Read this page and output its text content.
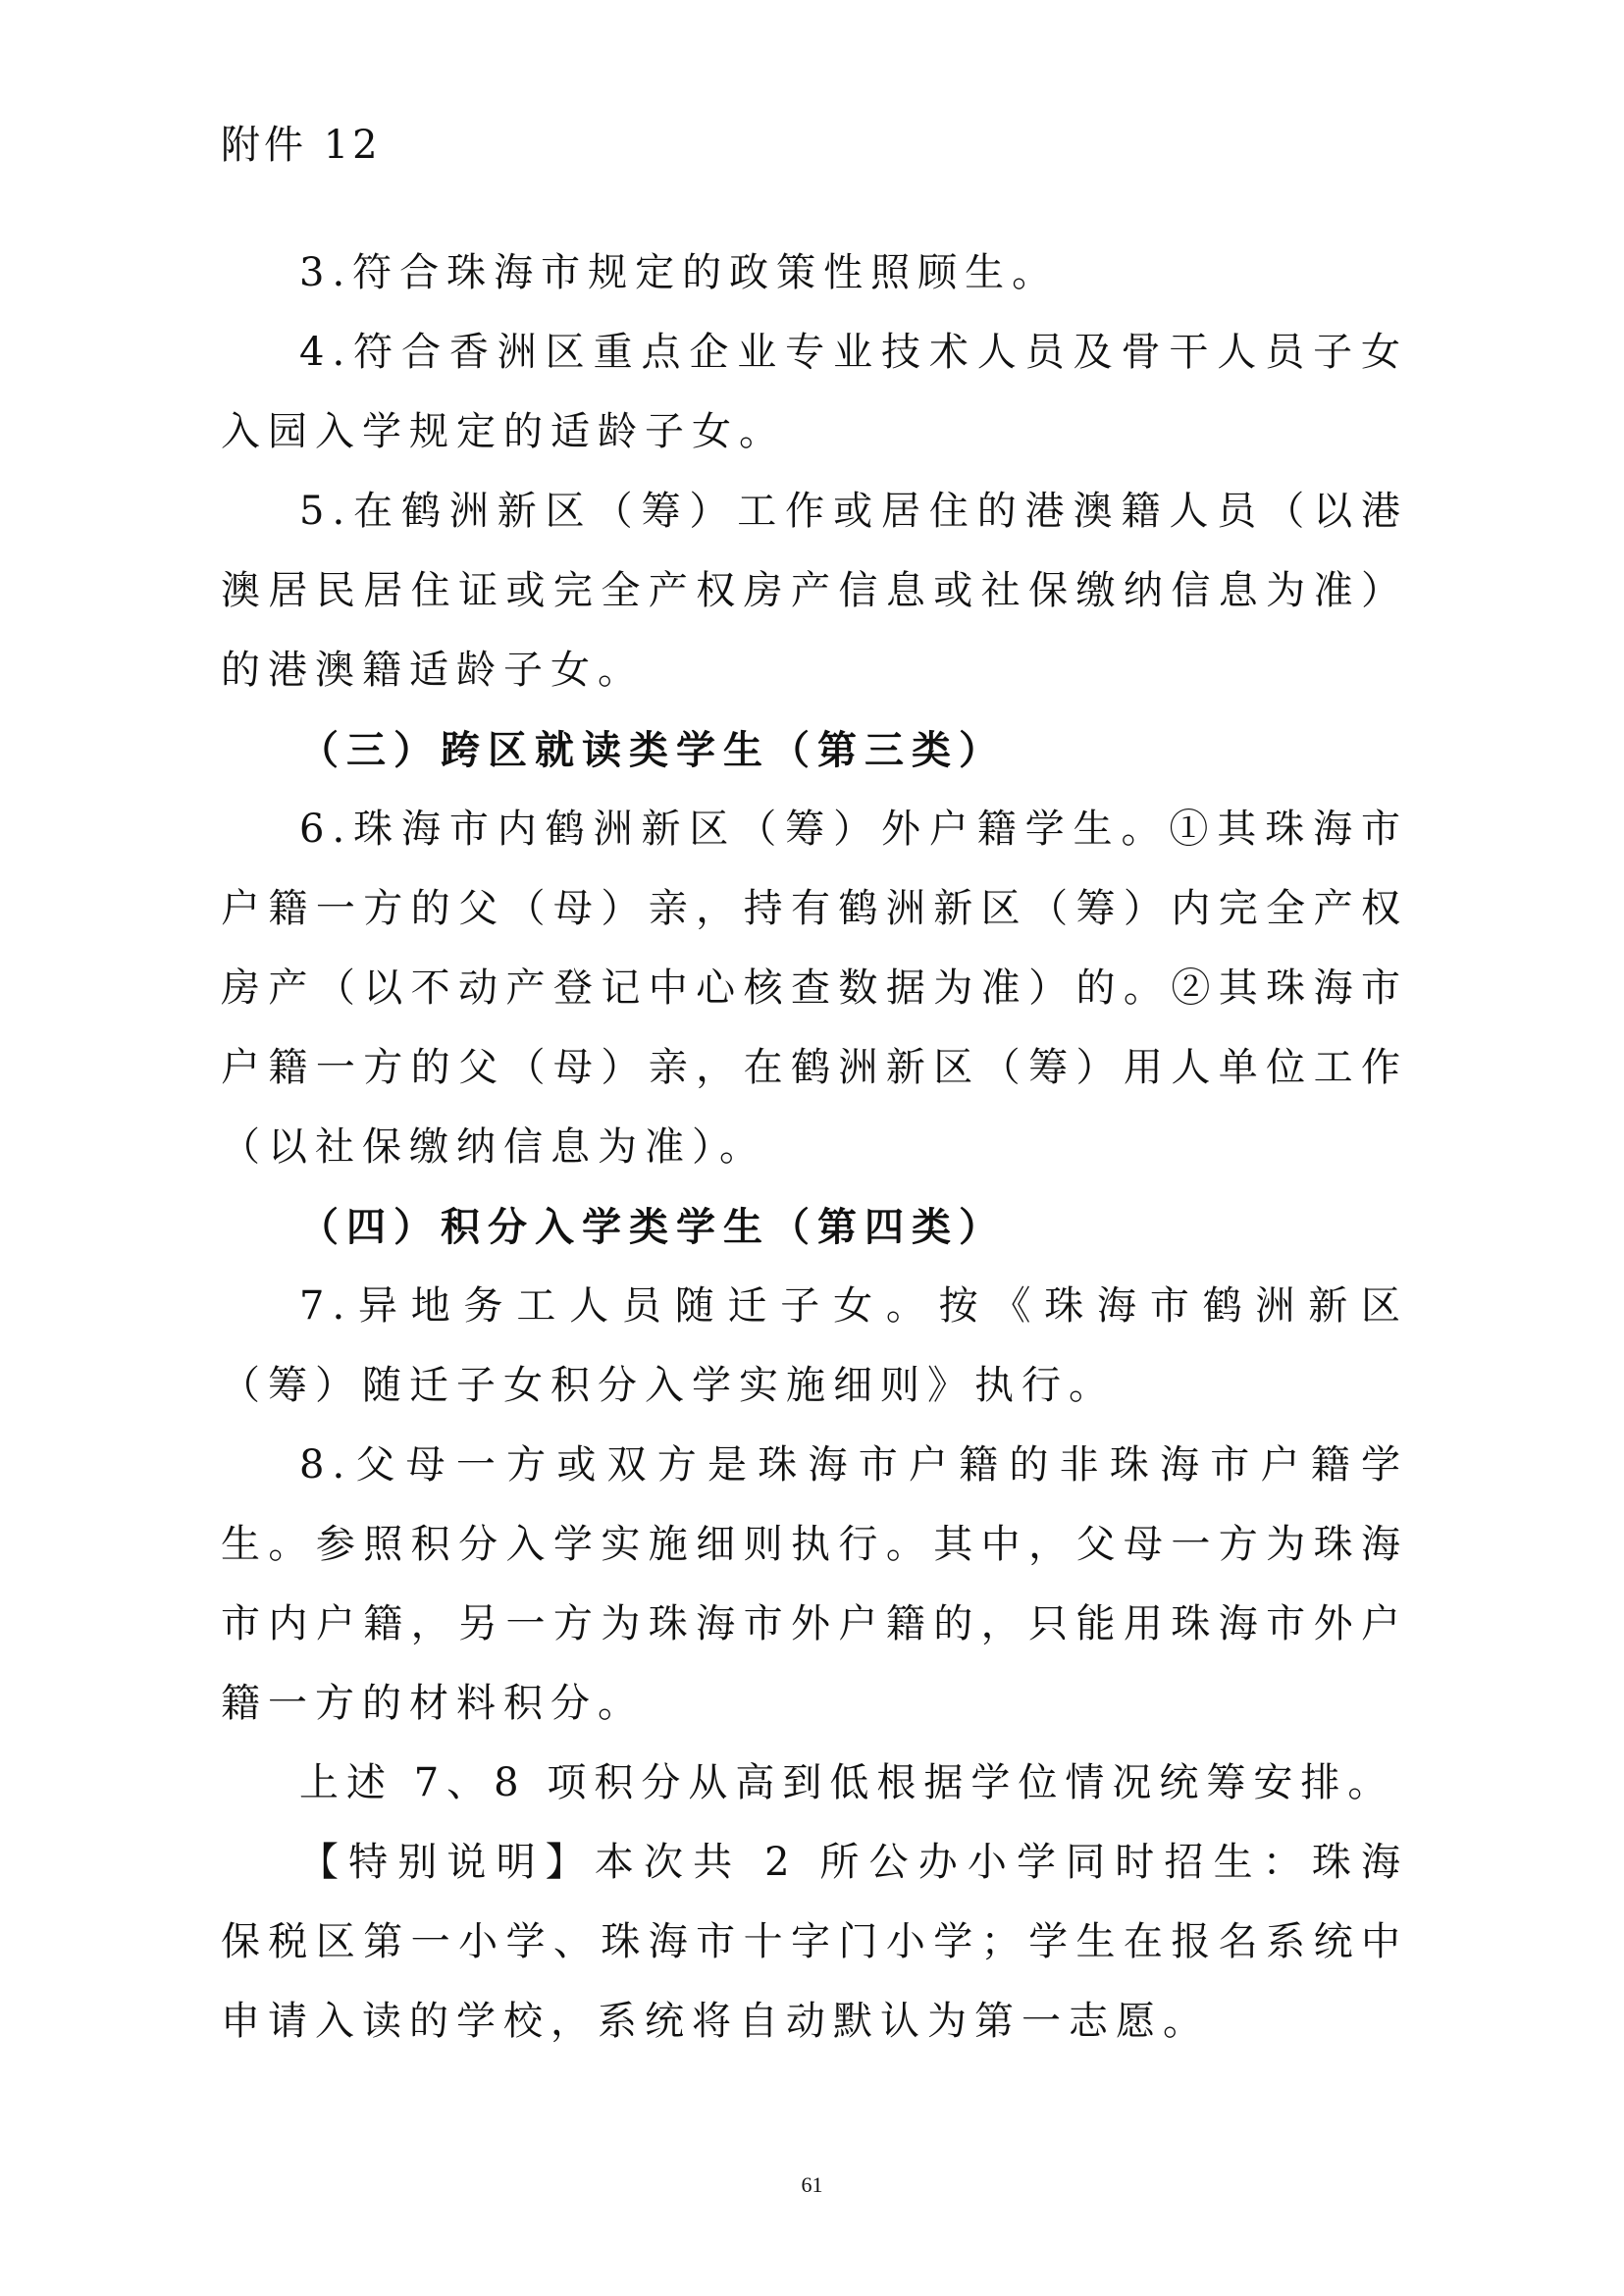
附件 12

3.符合珠海市规定的政策性照顾生。

4.符合香洲区重点企业专业技术人员及骨干人员子女入园入学规定的适龄子女。

5.在鹤洲新区（筹）工作或居住的港澳籍人员（以港澳居民居住证或完全产权房产信息或社保缴纳信息为准）的港澳籍适龄子女。

（三）跨区就读类学生（第三类）

6.珠海市内鹤洲新区（筹）外户籍学生。①其珠海市户籍一方的父（母）亲，持有鹤洲新区（筹）内完全产权房产（以不动产登记中心核查数据为准）的。②其珠海市户籍一方的父（母）亲，在鹤洲新区（筹）用人单位工作（以社保缴纳信息为准）。

（四）积分入学类学生（第四类）

7.异地务工人员随迁子女。按《珠海市鹤洲新区（筹）随迁子女积分入学实施细则》执行。

8.父母一方或双方是珠海市户籍的非珠海市户籍学生。参照积分入学实施细则执行。其中，父母一方为珠海市内户籍，另一方为珠海市外户籍的，只能用珠海市外户籍一方的材料积分。

上述 7、8 项积分从高到低根据学位情况统筹安排。

【特别说明】本次共 2 所公办小学同时招生：珠海保税区第一小学、珠海市十字门小学；学生在报名系统中申请入读的学校，系统将自动默认为第一志愿。

61
